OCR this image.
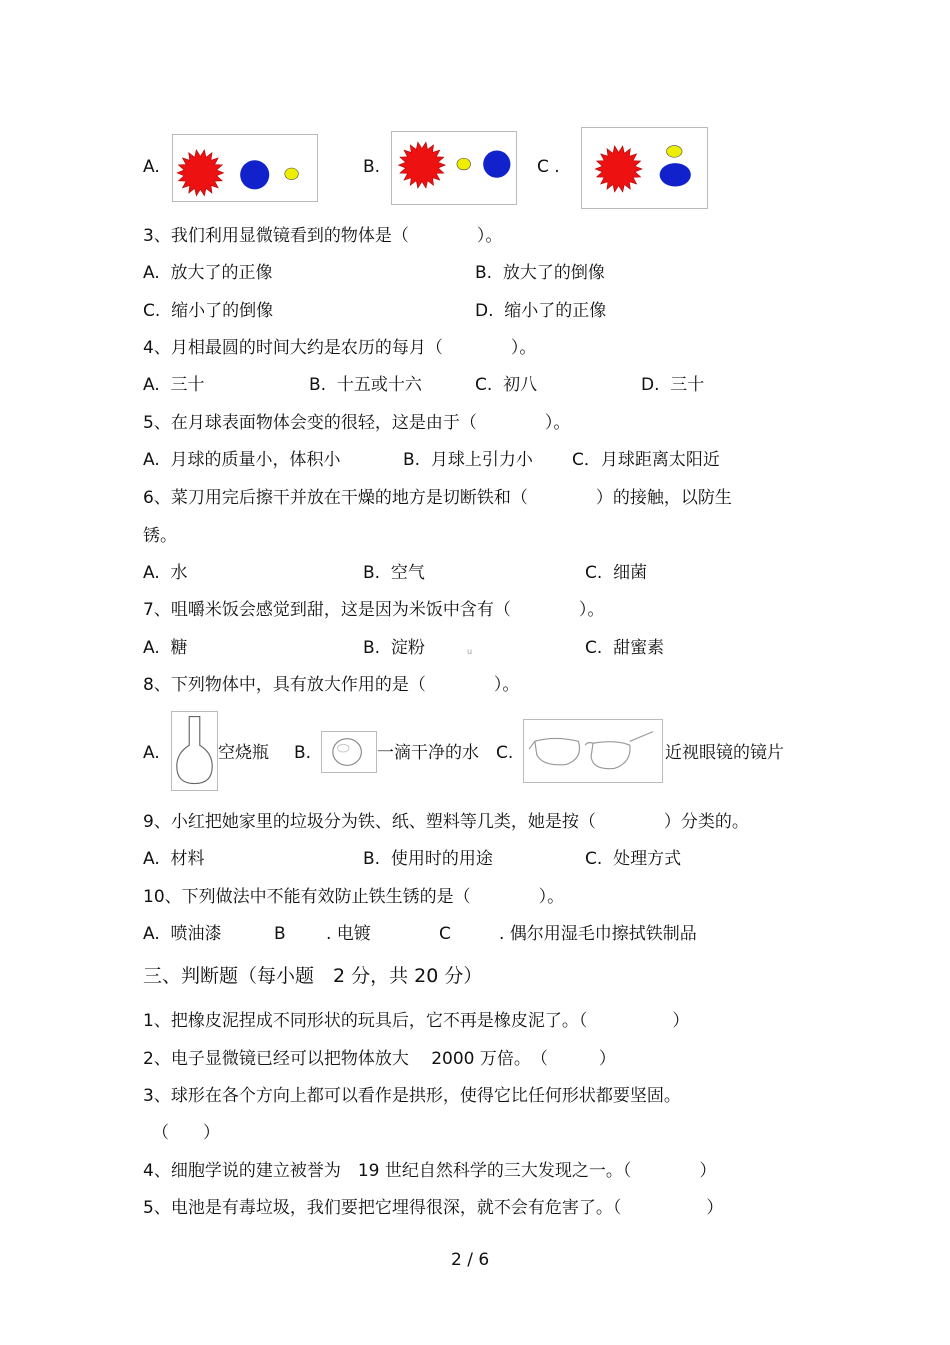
A.	B.	C .
3、我们利用显微镜看到的物体是（　　　　）。
A.  放大了的正像	B.  放大了的倒像
C.  缩小了的倒像	D.  缩小了的正像
4、月相最圆的时间大约是农历的每月（　　　　）。
A.  三十	B.  十五或十六	C.  初八	D.  三十
5、在月球表面物体会变的很轻，这是由于（　　　　）。
A.  月球的质量小，体积小	B.  月球上引力小 C．月球距离太阳近
6、菜刀用完后擦干并放在干燥的地方是切断铁和（　　　　）的接触，以防生
锈。
A.  水	B.  空气	C.  细菌
7、咀嚼米饭会感觉到甜，这是因为米饭中含有（　　　　）。
A.  糖	B.  淀粉	u	C.  甜蜜素
8、下列物体中，具有放大作用的是（　　　　）。
A.	空烧瓶 B.	一滴干净的水 C.	近视眼镜的镜片
9、小红把她家里的垃圾分为铁、纸、塑料等几类，她是按（　　　　）分类的。
A.  材料	B.  使用时的用途	C.  处理方式
10、下列做法中不能有效防止铁生锈的是（　　　　）。
A.  喷油漆	B . 电镀	C	. 偶尔用湿毛巾擦拭铁制品
三、判断题（每小题　2 分，共 20 分）
1、把橡皮泥捏成不同形状的玩具后，它不再是橡皮泥了。（　　　　　）
2、电子显微镜已经可以把物体放大　 2000 万倍。　（　　　）
3、球形在各个方向上都可以看作是拱形，使得它比任何形状都要坚固。
（　　）
4、细胞学说的建立被誉为　19 世纪自然科学的三大发现之一。（　　　　）
5、电池是有毒垃圾，我们要把它埋得很深，就不会有危害了。（　　　　　）
2 / 6
